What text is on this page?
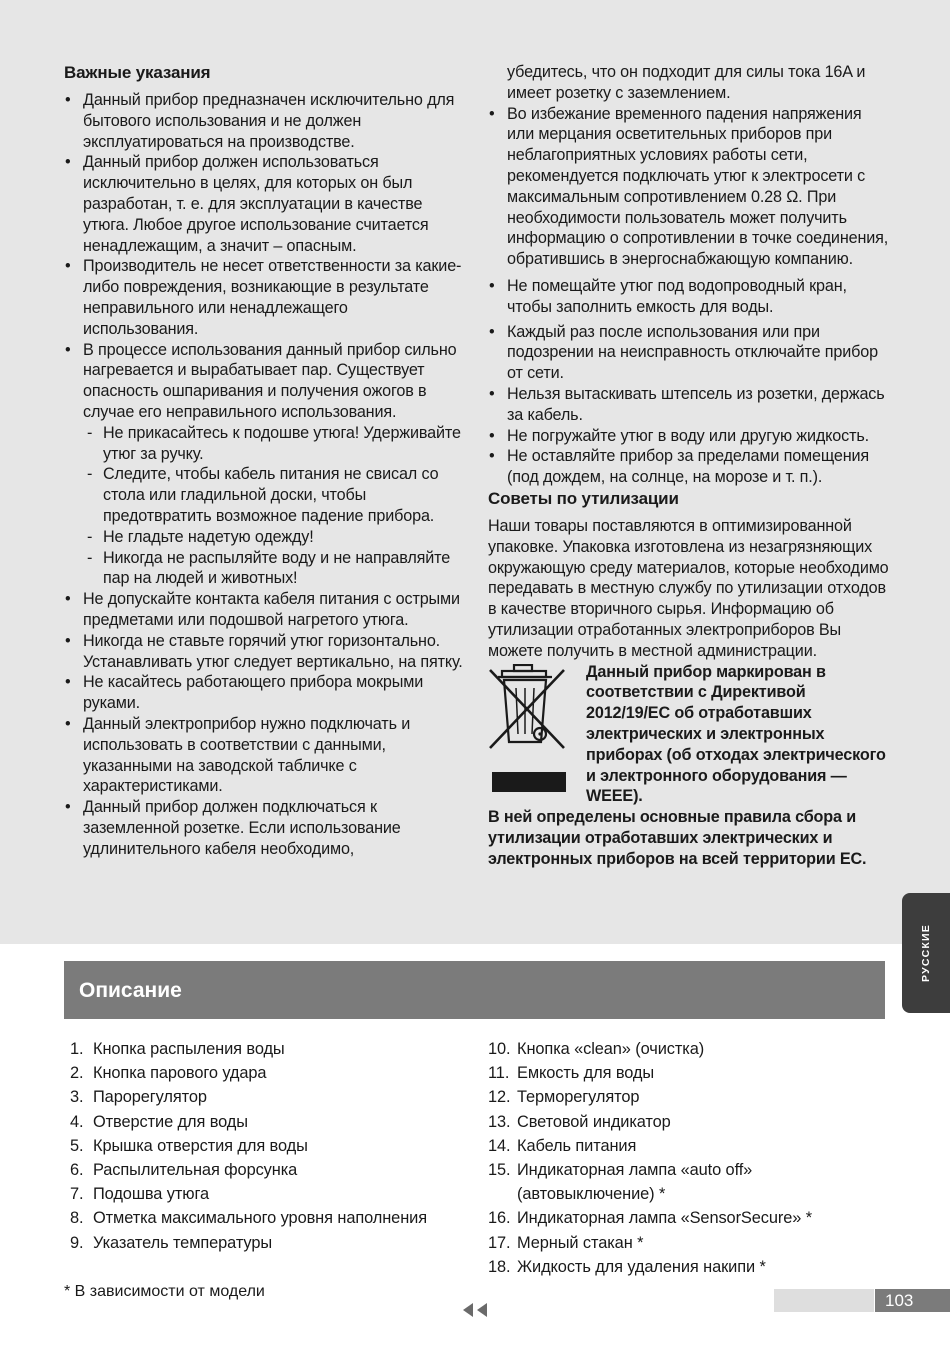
Важные указания
• Данный прибор предназначен исключительно для бытового использования и не должен эксплуатироваться на производстве.
• Данный прибор должен использоваться исключительно в целях, для которых он был разработан, т. е. для эксплуатации в качестве утюга. Любое другое использование считается ненадлежащим, а значит – опасным.
• Производитель не несет ответственности за какие-либо повреждения, возникающие в результате неправильного или ненадлежащего использования.
• В процессе использования данный прибор сильно нагревается и вырабатывает пар. Существует опасность ошпаривания и получения ожогов в случае его неправильного использования.
- Не прикасайтесь к подошве утюга! Удерживайте утюг за ручку.
- Следите, чтобы кабель питания не свисал со стола или гладильной доски, чтобы предотвратить возможное падение прибора.
- Не гладьте надетую одежду!
- Никогда не распыляйте воду и не направляйте пар на людей и животных!
• Не допускайте контакта кабеля питания с острыми предметами или подошвой нагретого утюга.
• Никогда не ставьте горячий утюг горизонтально. Устанавливать утюг следует вертикально, на пятку.
• Не касайтесь работающего прибора мокрыми руками.
• Данный электроприбор нужно подключать и использовать в соответствии с данными, указанными на заводской табличке с характеристиками.
• Данный прибор должен подключаться к заземленной розетке. Если использование удлинительного кабеля необходимо,
убедитесь, что он подходит для силы тока 16A и имеет розетку с заземлением.
• Во избежание временного падения напряжения или мерцания осветительных приборов при неблагоприятных условиях работы сети, рекомендуется подключать утюг к электросети с максимальным сопротивлением 0.28 Ω. При необходимости пользователь может получить информацию о сопротивлении в точке соединения, обратившись в энергоснабжающую компанию.
• Не помещайте утюг под водопроводный кран, чтобы заполнить емкость для воды.
• Каждый раз после использования или при подозрении на неисправность отключайте прибор от сети.
• Нельзя вытаскивать штепсель из розетки, держась за кабель.
• Не погружайте утюг в воду или другую жидкость.
• Не оставляйте прибор за пределами помещения (под дождем, на солнце, на морозе и т. п.).
Советы по утилизации

Наши товары поставляются в оптимизированной упаковке. Упаковка изготовлена из незагрязняющих окружающую среду материалов, которые необходимо передавать в местную службу по утилизации отходов в качестве вторичного сырья. Информацию об утилизации отработанных электроприборов Вы можете получить в местной администрации.

Данный прибор маркирован в соответствии с Директивой 2012/19/EC об отработавших электрических и электронных приборах (об отходах электрического и электронного оборудования — WEEE).

В ней определены основные правила сбора и утилизации отработавших электрических и электронных приборов на всей территории ЕС.

РУССКИЕ
Описание
1. Кнопка распыления воды
2. Кнопка парового удара
3. Парорегулятор
4. Отверстие для воды
5. Крышка отверстия для воды
6. Распылительная форсунка
7. Подошва утюга
8. Отметка максимального уровня наполнения
9. Указатель температуры
10. Кнопка «clean» (очистка)
11. Емкость для воды
12. Терморегулятор
13. Световой индикатор
14. Кабель питания
15. Индикаторная лампа «auto off» (автовыключение) *
16. Индикаторная лампа «SensorSecure» *
17. Мерный стакан *
18. Жидкость для удаления накипи *

* В зависимости от модели	103
